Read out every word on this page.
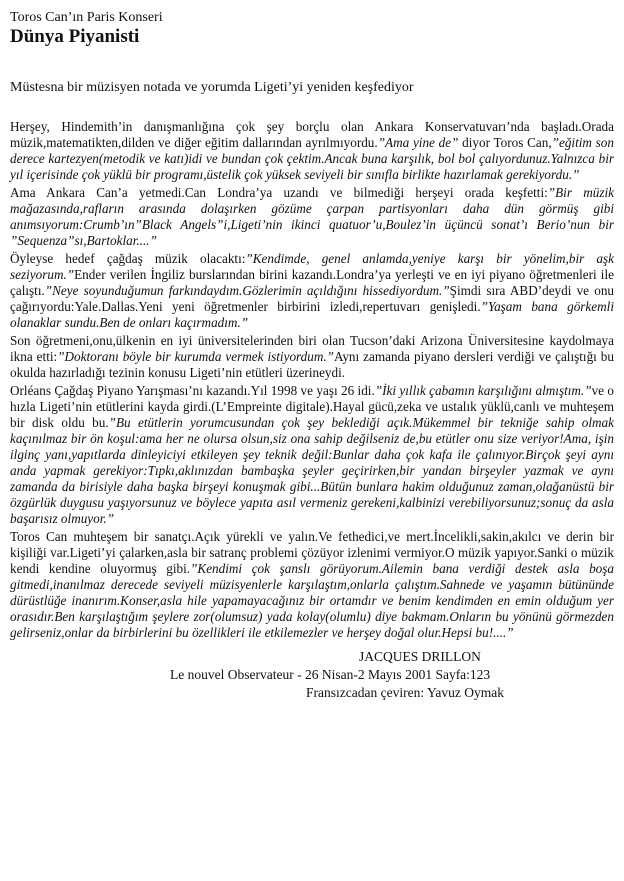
Toros Can’ın Paris Konseri
Dünya Piyanisti
Müstesna bir müzisyen notada ve yorumda Ligeti’yi yeniden keşfediyor

Herşey, Hindemith’in danışmanlığına çok şey borçlu olan Ankara Konservatuvarı’nda başladı.Orada müzik,matematikten,dilden ve diğer eğitim dallarından ayrılmıyordu.”Ama yine de” diyor Toros Can,”eğitim son derece kartezyen(metodik ve katı)idi ve bundan çok çektim.Ancak buna karşılık, bol bol çalıyordunuz.Yalnızca bir yıl içerisinde çok yüklü bir programı,üstelik çok yüksek seviyeli bir sınıfla birlikte hazırlamak gerekiyordu.”

Ama Ankara Can’a yetmedi.Can Londra’ya uzandı ve bilmediği herşeyi orada keşfetti:”Bir müzik mağazasında,rafların arasında dolaşırken gözüme çarpan partisyonları daha dün görmüş gibi anımsıyorum:Crumb’ın”Black Angels”i,Ligeti’nin ikinci quatuor’u,Boulez’in üçüncü sonat’ı Berio’nun bir ”Sequenza”sı,Bartoklar....”

Öyleyse hedef çağdaş müzik olacaktı:”Kendimde, genel anlamda,yeniye karşı bir yönelim,bir aşk seziyorum.”Ender verilen İngiliz burslarından birini kazandı.Londra’ya yerleşti ve en iyi piyano öğretmenleri ile çalıştı.”Neye soyunduğumun farkındaydım.Gözlerimin açıldığını hissediyordum.”Şimdi sıra ABD’deydi ve onu çağırıyordu:Yale.Dallas.Yeni yeni öğretmenler birbirini izledi,repertuvarı genişledi.”Yaşam bana görkemli olanaklar sundu.Ben de onları kaçırmadım.”

Son öğretmeni,onu,ülkenin en iyi üniversitelerinden biri olan Tucson’daki Arizona Üniversitesine kaydolmaya ikna etti:”Doktoranı böyle bir kurumda vermek istiyordum.”Aynı zamanda piyano dersleri verdiği ve çalıştığı bu okulda hazırladığı tezinin konusu Ligeti’nin etütleri üzerineydi.

Orléans Çağdaş Piyano Yarışması’nı kazandı.Yıl 1998 ve yaşı 26 idi.”İki yıllık çabamın karşılığını almıştım.”ve o hızla Ligeti’nin etütlerini kayda girdi.(L’Empreinte digitale).Hayal gücü,zeka ve ustalık yüklü,canlı ve muhteşem bir disk oldu bu.”Bu etütlerin yorumcusundan çok şey beklediği açık.Mükemmel bir tekniğe sahip olmak kaçınılmaz bir ön koşul:ama her ne olursa olsun,siz ona sahip değilseniz de,bu etütler onu size veriyor!Ama, işin ilginç yanı,yapıtlarda dinleyiciyi etkileyen şey teknik değil:Bunlar daha çok kafa ile çalınıyor.Birçok şeyi aynı anda yapmak gerekiyor:Tıpkı,aklınızdan bambaşka şeyler geçirirken,bir yandan birşeyler yazmak ve aynı zamanda da birisiyle daha başka birşeyi konuşmak gibi...Bütün bunlara hakim olduğunuz zaman,olağanüstü bir özgürlük duygusu yaşıyorsunuz ve böylece yapıta asıl vermeniz gerekeni,kalbinizi verebiliyorsunuz;sonuç da asla başarısız olmuyor.”

Toros Can muhteşem bir sanatçı.Açık yürekli ve yalın.Ve fethedici,ve mert.İncelikli,sakin,akılcı ve derin bir kişiliği var.Ligeti’yi çalarken,asla bir satranç problemi çözüyor izlenimi vermiyor.O müzik yapıyor.Sanki o müzik kendi kendine oluyormuş gibi.”Kendimi çok şanslı görüyorum.Ailemin bana verdiği destek asla boşa gitmedi,inanılmaz derecede seviyeli müzisyenlerle karşılaştım,onlarla çalıştım.Sahnede ve yaşamın bütününde dürüstlüğe inanırım.Konser,asla hile yapamayacağınız bir ortamdır ve benim kendimden en emin olduğum yer orasıdır.Ben karşılaştığım şeylere zor(olumsuz) yada kolay(olumlu) diye bakmam.Onların bu yönünü görmezden gelirseniz,onlar da birbirlerini bu özellikleri ile etkilemezler ve herşey doğal olur.Hepsi bu!....”

JACQUES DRILLON
Le nouvel Observateur - 26 Nisan-2 Mayıs 2001 Sayfa:123
Fransızcadan çeviren: Yavuz Oymak
